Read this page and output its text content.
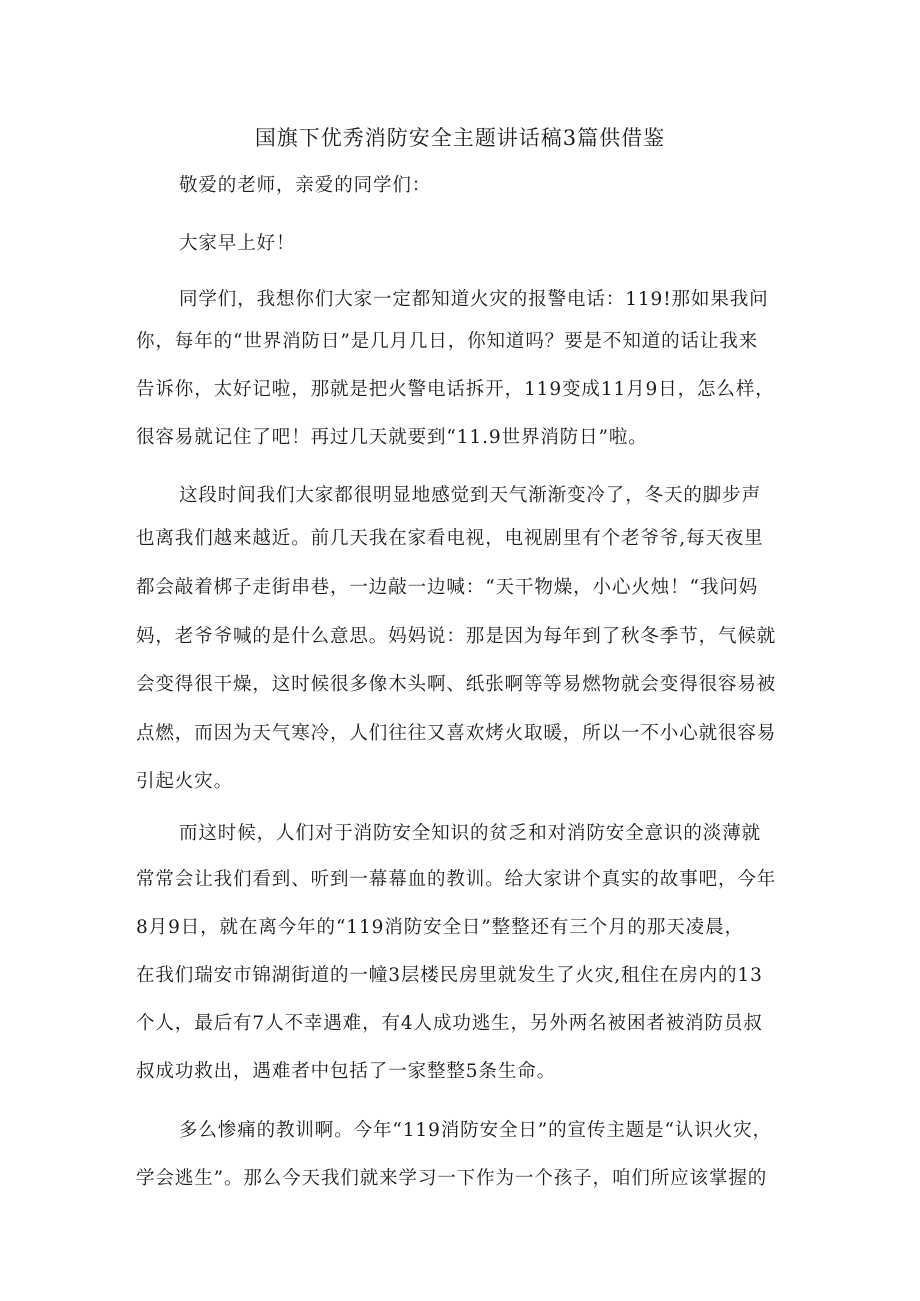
国旗下优秀消防安全主题讲话稿3篇供借鉴
敬爱的老师，亲爱的同学们：
大家早上好！
同学们，我想你们大家一定都知道火灾的报警电话：119!那如果我问
你，每年的“世界消防日”是几月几日，你知道吗？要是不知道的话让我来
告诉你，太好记啦，那就是把火警电话拆开，119变成11月9日，怎么样，
很容易就记住了吧！再过几天就要到“11.9世界消防日”啦。
这段时间我们大家都很明显地感觉到天气渐渐变冷了，冬天的脚步声
也离我们越来越近。前几天我在家看电视，电视剧里有个老爷爷,每天夜里
都会敲着梆子走街串巷，一边敲一边喊：“天干物燥，小心火烛！“我问妈
妈，老爷爷喊的是什么意思。妈妈说：那是因为每年到了秋冬季节，气候就
会变得很干燥，这时候很多像木头啊、纸张啊等等易燃物就会变得很容易被
点燃，而因为天气寒冷，人们往往又喜欢烤火取暖，所以一不小心就很容易
引起火灾。
而这时候，人们对于消防安全知识的贫乏和对消防安全意识的淡薄就
常常会让我们看到、听到一幕幕血的教训。给大家讲个真实的故事吧，今年
8月9日，就在离今年的“119消防安全日”整整还有三个月的那天凌晨，
在我们瑞安市锦湖街道的一幢3层楼民房里就发生了火灾,租住在房内的13
个人，最后有7人不幸遇难，有4人成功逃生，另外两名被困者被消防员叔
叔成功救出，遇难者中包括了一家整整5条生命。
多么惨痛的教训啊。今年“119消防安全日”的宣传主题是“认识火灾，
学会逃生”。那么今天我们就来学习一下作为一个孩子，咱们所应该掌握的
